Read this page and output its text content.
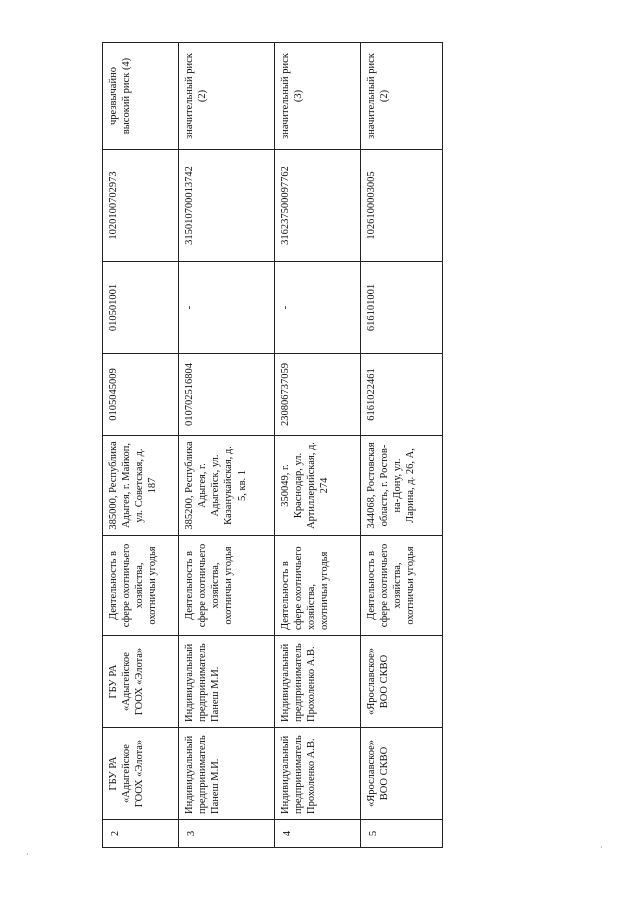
2	ГБУ РА «Адыгейское ГООХ «Элота»	ГБУ РА «Адыгейское ГООХ «Элота»	Деятельность в сфере охотничьего хозяйства, охотничьи угодья	385000, Республика Адыгея, г. Майкоп, ул. Советская, д. 187	0105045009	010501001	1020100702973	чрезвычайно высокий риск (4)
3	Индивидуальный предприниматель Панеш М.И.	Индивидуальный предприниматель Панеш М.И.	Деятельность в сфере охотничьего хозяйства, охотничьи угодья	385200, Республика Адыгея, г. Адыгейск, ул. Казанукайская, д. 5, кв. 1	010702516804	-	315010700013742	значительный риск (2)
4	Индивидуальный предприниматель Прохоленко А.В.	Индивидуальный предприниматель Прохоленко А.В.	Деятельность в сфере охотничьего хозяйства, охотничьи угодья	350049, г. Краснодар, ул. Артиллерийская, д. 274	230806737059	-	316237500097762	значительный риск (3)
5	«Ярославское» ВОО СКВО	«Ярославское» ВОО СКВО	Деятельность в сфере охотничьего хозяйства, охотничьи угодья	344068, Ростовская область, г. Ростов-на-Дону, ул. Ларина, д. 26, А,	6161022461	616101001	1026100003005	значительный риск (2)
·
·
